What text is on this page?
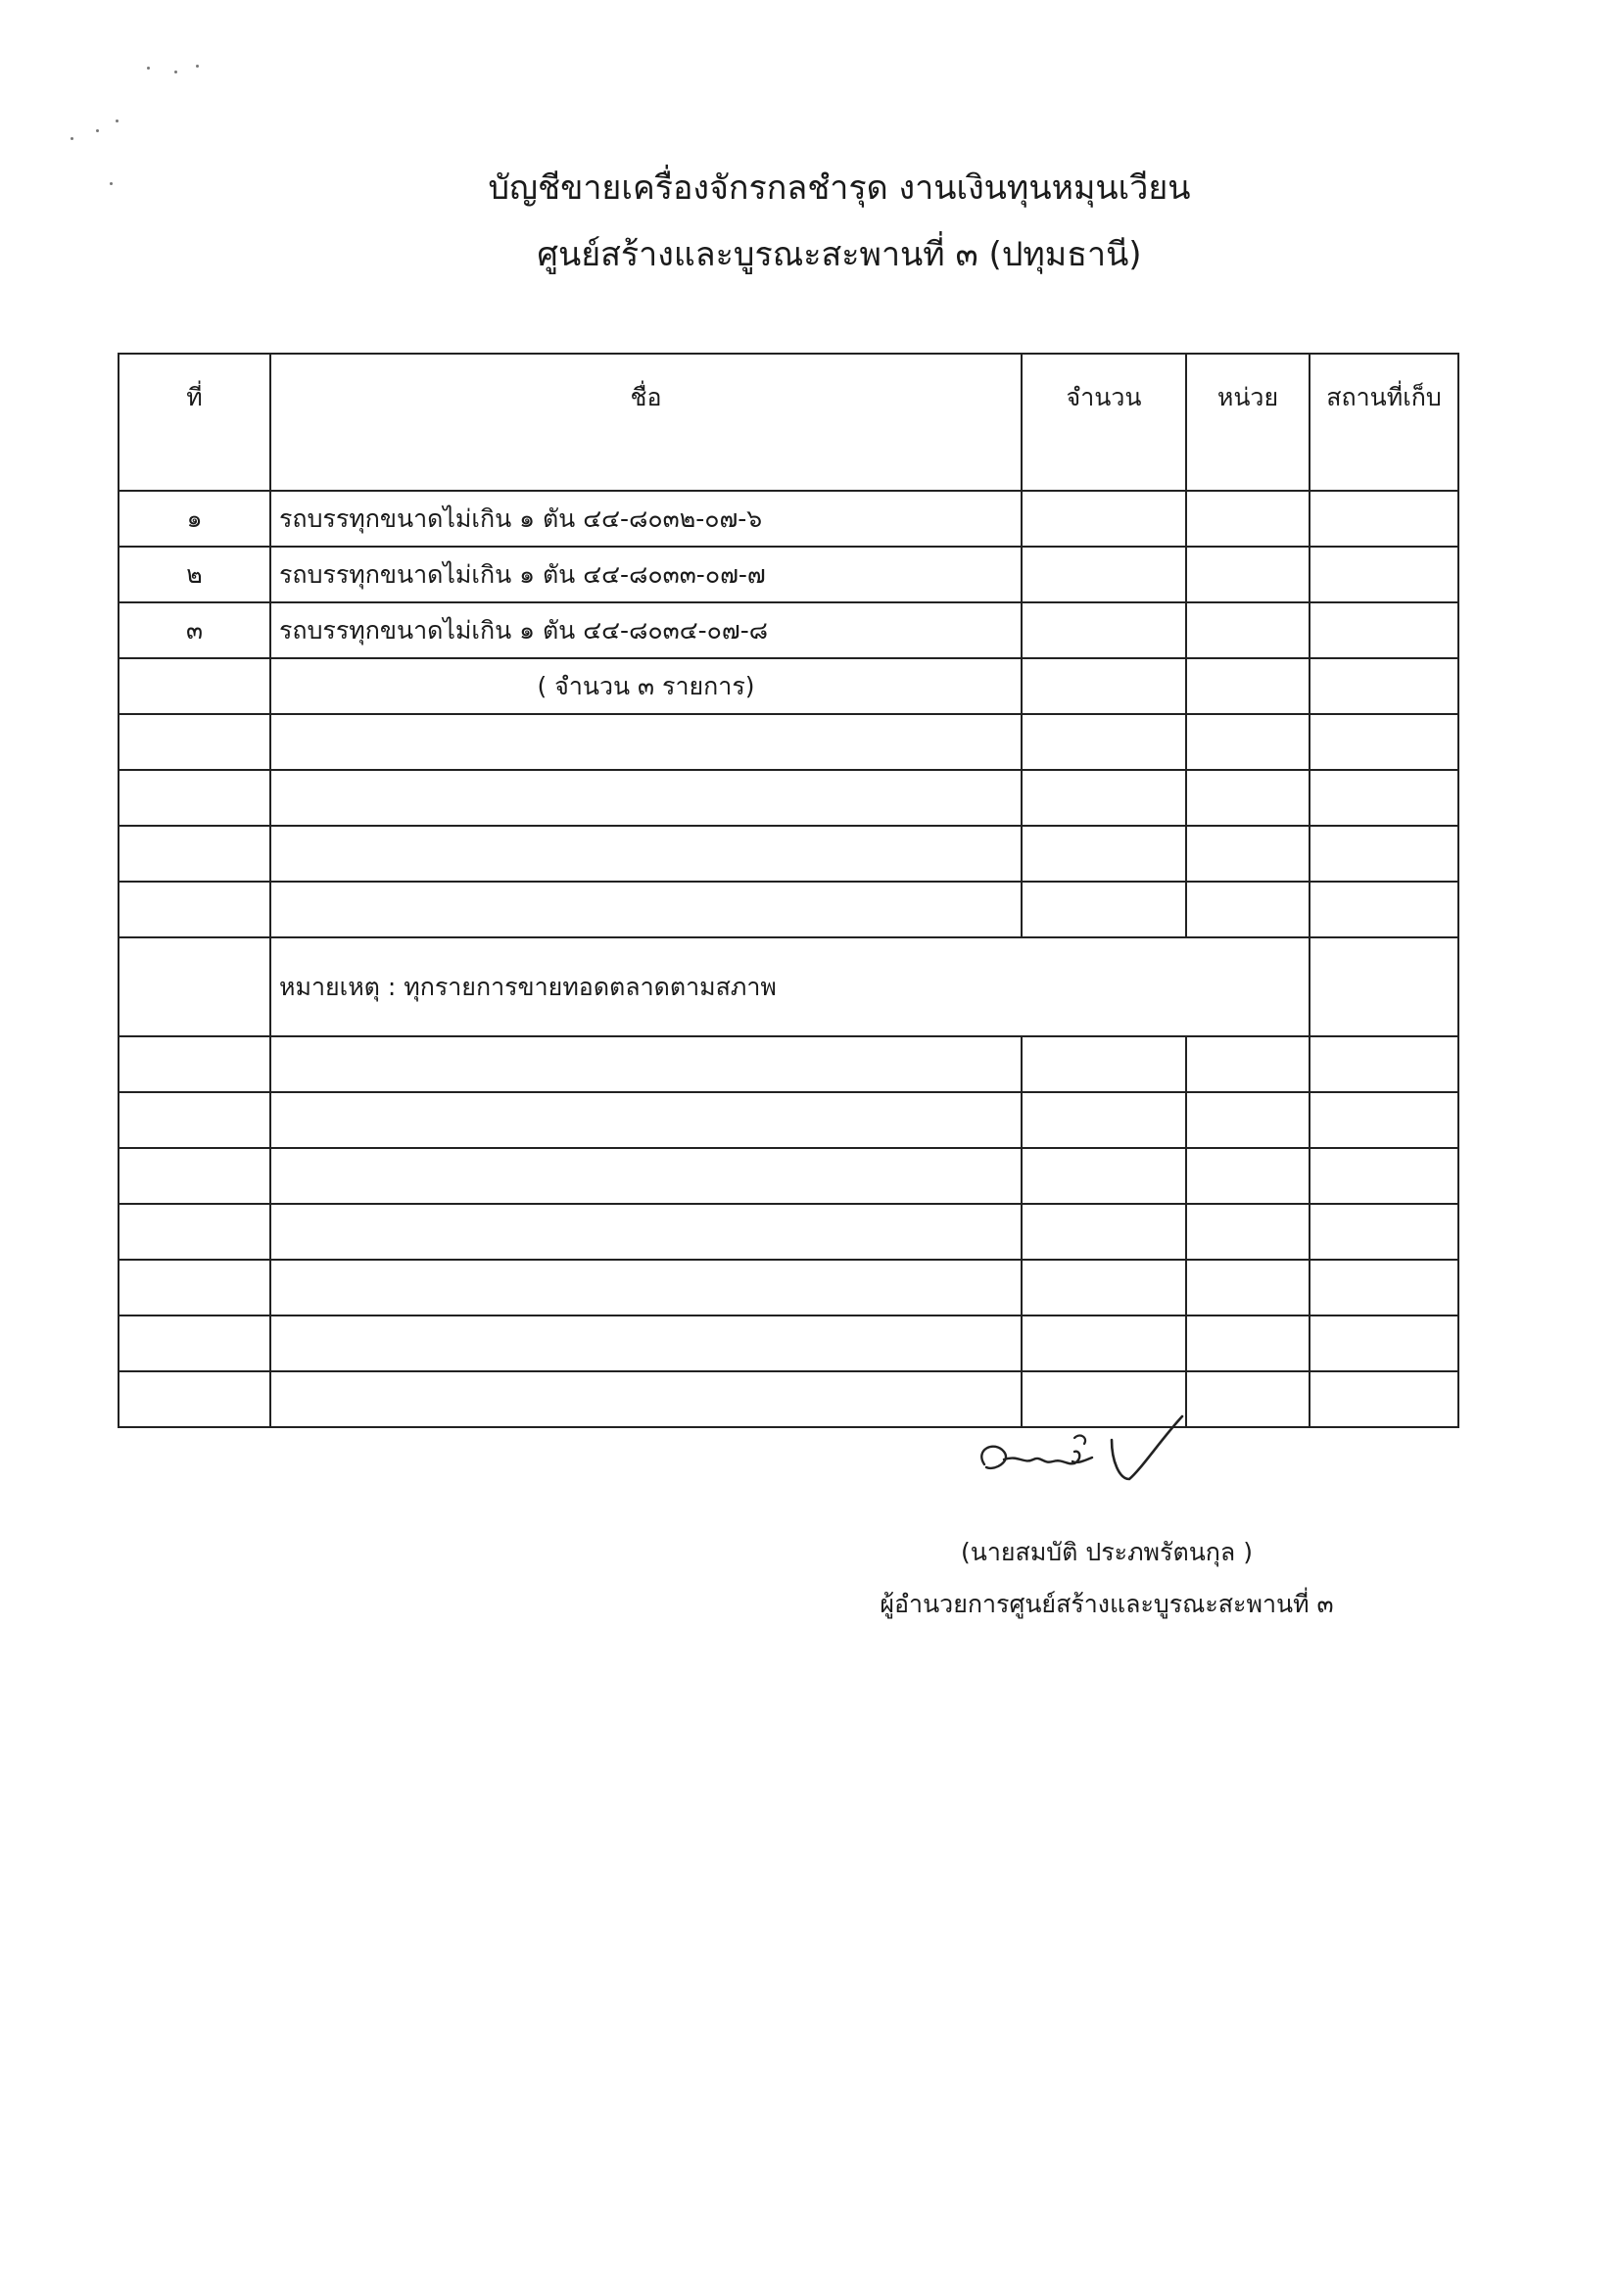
บัญชีขายเครื่องจักรกลชำรุด งานเงินทุนหมุนเวียน
ศูนย์สร้างและบูรณะสะพานที่ ๓ (ปทุมธานี)
ที่	ชื่อ	จำนวน	หน่วย	สถานที่เก็บ
๑	รถบรรทุกขนาดไม่เกิน ๑ ตัน ๔๔-๘๐๓๒-๐๗-๖			
๒	รถบรรทุกขนาดไม่เกิน ๑ ตัน ๔๔-๘๐๓๓-๐๗-๗			
๓	รถบรรทุกขนาดไม่เกิน ๑ ตัน ๔๔-๘๐๓๔-๐๗-๘			
	( จำนวน ๓ รายการ)			

	หมายเหตุ : ทุกรายการขายทอดตลาดตามสภาพ			

(นายสมบัติ ประภพรัตนกุล )
ผู้อำนวยการศูนย์สร้างและบูรณะสะพานที่ ๓
